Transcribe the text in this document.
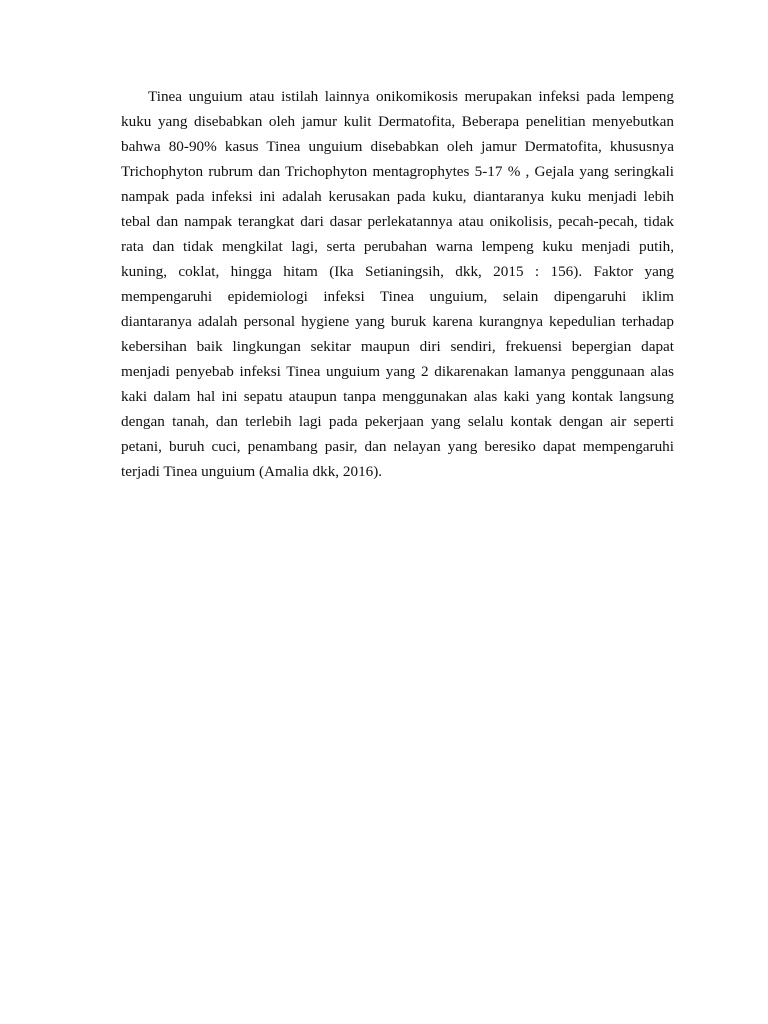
Tinea unguium atau istilah lainnya onikomikosis merupakan infeksi pada lempeng
kuku yang disebabkan oleh jamur kulit Dermatofita, Beberapa penelitian menyebutkan
bahwa 80-90% kasus Tinea unguium disebabkan oleh jamur Dermatofita, khususnya
Trichophyton rubrum dan Trichophyton mentagrophytes 5-17 % , Gejala yang seringkali
nampak pada infeksi ini adalah kerusakan pada kuku, diantaranya kuku menjadi lebih
tebal dan nampak terangkat dari dasar perlekatannya atau onikolisis, pecah-pecah, tidak
rata dan tidak mengkilat lagi, serta perubahan warna lempeng kuku menjadi putih,
kuning, coklat, hingga hitam (Ika Setianingsih, dkk, 2015 : 156). Faktor yang
mempengaruhi epidemiologi infeksi Tinea unguium, selain dipengaruhi iklim
diantaranya adalah personal hygiene yang buruk karena kurangnya kepedulian terhadap
kebersihan baik lingkungan sekitar maupun diri sendiri, frekuensi bepergian dapat
menjadi penyebab infeksi Tinea unguium yang 2 dikarenakan lamanya penggunaan alas
kaki dalam hal ini sepatu ataupun tanpa menggunakan alas kaki yang kontak langsung
dengan tanah, dan terlebih lagi pada pekerjaan yang selalu kontak dengan air seperti
petani, buruh cuci, penambang pasir, dan nelayan yang beresiko dapat mempengaruhi
terjadi Tinea unguium (Amalia dkk, 2016).
